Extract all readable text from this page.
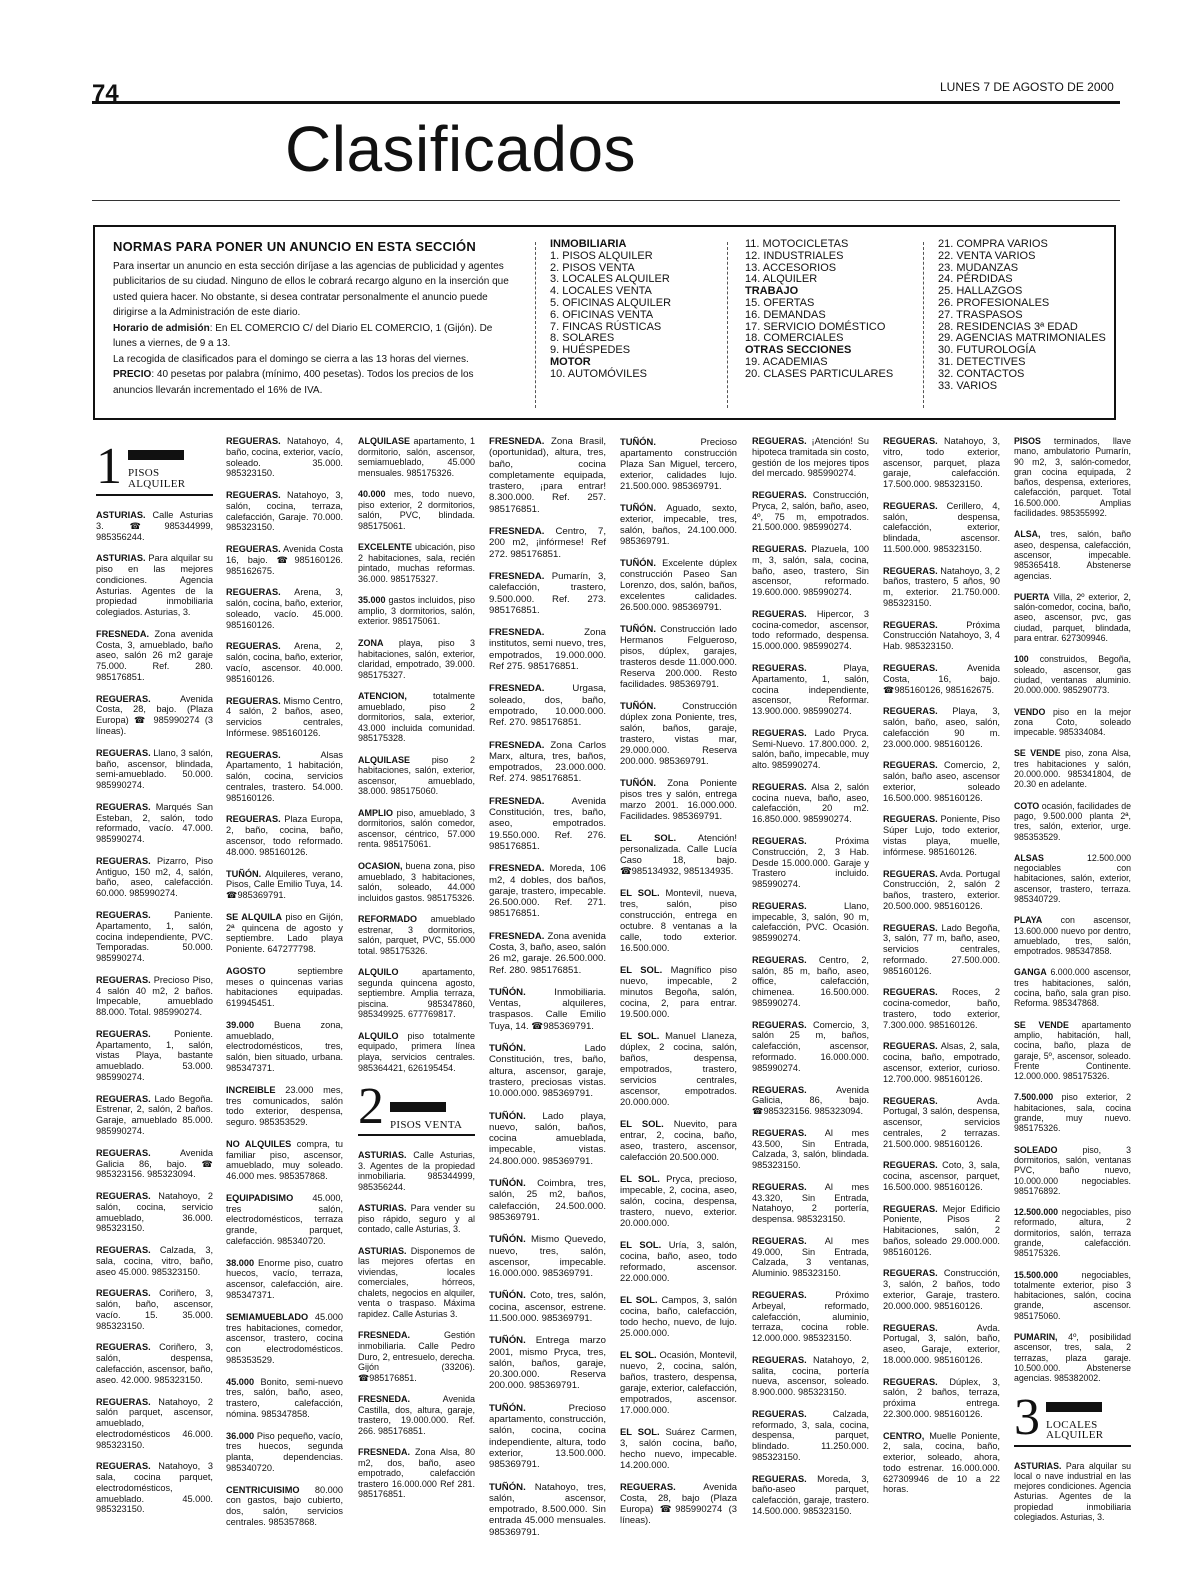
74	LUNES 7 DE AGOSTO DE 2000
Clasificados
NORMAS PARA PONER UN ANUNCIO EN ESTA SECCIÓN

Para insertar un anuncio en esta sección diríjase a las agencias de publicidad y agentes publicitarios de su ciudad. Ninguno de ellos le cobrará recargo alguno en la inserción que usted quiera hacer. No obstante, si desea contratar personalmente el anuncio puede dirigirse a la Administración de este diario.

Horario de admisión: En EL COMERCIO C/ del Diario EL COMERCIO, 1 (Gijón). De lunes a viernes, de 9 a 13.

La recogida de clasificados para el domingo se cierra a las 13 horas del viernes.

PRECIO: 40 pesetas por palabra (mínimo, 400 pesetas). Todos los precios de los anuncios llevarán incrementado el 16% de IVA.

INMOBILIARIA
1. PISOS ALQUILER
2. PISOS VENTA
3. LOCALES ALQUILER
4. LOCALES VENTA
5. OFICINAS ALQUILER
6. OFICINAS VENTA
7. FINCAS RÚSTICAS
8. SOLARES
9. HUÉSPEDES
MOTOR
10. AUTOMÓVILES
11. MOTOCICLETAS
12. INDUSTRIALES
13. ACCESORIOS
14. ALQUILER
TRABAJO
15. OFERTAS
16. DEMANDAS
17. SERVICIO DOMÉSTICO
18. COMERCIALES
OTRAS SECCIONES
19. ACADEMIAS
20. CLASES PARTICULARES
21. COMPRA VARIOS
22. VENTA VARIOS
23. MUDANZAS
24. PÉRDIDAS
25. HALLAZGOS
26. PROFESIONALES
27. TRASPASOS
28. RESIDENCIAS 3ª EDAD
29. AGENCIAS MATRIMONIALES
30. FUTUROLOGÍA
31. DETECTIVES
32. CONTACTOS
33. VARIOS
1 PISOS ALQUILER
ASTURIAS. Calle Asturias 3. ☎985344999, 985356244.
ASTURIAS. Para alquilar su piso en las mejores condiciones. Agencia Asturias. Agentes de la propiedad inmobiliaria colegiados. Asturias, 3.
FRESNEDA. Zona avenida Costa, 3, amueblado, baño aseo, salón 26 m2 garaje 75.000. Ref. 280. 985176851.
REGUERAS. Avenida Costa, 28, bajo. (Plaza Europa) ☎ 985990274 (3 líneas).
REGUERAS. Llano, 3 salón, baño, ascensor, blindada, semi-amueblado. 50.000. 985990274.
REGUERAS. Marqués San Esteban, 2, salón, todo reformado, vacío. 47.000. 985990274.
REGUERAS. Pizarro, Piso Antiguo, 150 m2, 4, salón, baño, aseo, calefacción. 60.000. 985990274.
REGUERAS. Paniente. Apartamento, 1, salón, cocina independiente, PVC. Temporadas. 50.000. 985990274.
REGUERAS. Precioso Piso, 4 salón 40 m2, 2 baños. Impecable, amueblado 88.000. Total. 985990274.
REGUERAS. Poniente. Apartamento, 1, salón, vistas Playa, bastante amueblado. 53.000. 985990274.
REGUERAS. Lado Begoña. Estrenar, 2, salón, 2 baños. Garaje, amueblado 85.000. 985990274.
REGUERAS. Avenida Galicia 86, bajo. ☎ 985323156. 985323094.
REGUERAS. Natahoyo, 2 salón, cocina, servicio amueblado, 36.000. 985323150.
REGUERAS. Calzada, 3, sala, cocina, vitro, baño, aseo 45.000. 985323150.
REGUERAS. Coriñero, 3, salón, baño, ascensor, vacío. 15. 35.000. 985323150.
REGUERAS. Coriñero, 3, salón, despensa, calefacción, ascensor, baño, aseo. 42.000. 985323150.
REGUERAS. Natahoyo, 2 salón parquet, ascensor, amueblado, electrodomésticos 46.000. 985323150.
REGUERAS. Natahoyo, 3 sala, cocina parquet, electrodomésticos, amueblado. 45.000. 985323150.
REGUERAS. Natahoyo, 4, baño, cocina, exterior, vacío, soleado. 35.000. 985323150.
REGUERAS. Natahoyo, 3, salón, cocina, terraza, calefacción, Garaje. 70.000. 985323150.
REGUERAS. Avenida Costa 16, bajo. ☎985160126. 985162675.
REGUERAS. Arena, 3, salón, cocina, baño, exterior, soleado, vacío. 45.000. 985160126.
REGUERAS. Arena, 2, salón, cocina, baño, exterior, vacío, ascensor. 40.000. 985160126.
REGUERAS. Mismo Centro, 4 salón, 2 baños, aseo, servicios centrales, Infórmese. 985160126.
REGUERAS. Alsas Apartamento, 1 habitación, salón, cocina, servicios centrales, trastero. 54.000. 985160126.
REGUERAS. Plaza Europa, 2, baño, cocina, baño, ascensor, todo reformado. 48.000. 985160126.
TUÑÓN. Alquileres, verano, Pisos, Calle Emilio Tuya, 14. ☎985369791.
SE ALQUILA piso en Gijón, 2ª quincena de agosto y septiembre. Lado playa Poniente. 647277798.
AGOSTO septiembre meses o quincenas varias habitaciones equipadas. 619945451.
39.000 Buena zona, amueblado, electrodomésticos, tres, salón, bien situado, urbana. 985347371.
INCREIBLE 23.000 mes, tres comunicados, salón todo exterior, despensa, seguro. 985353529.
NO ALQUILES compra, tu familiar piso, ascensor, amueblado, muy soleado. 46.000 mes. 985357868.
EQUIPADISIMO 45.000, tres salón, electrodomésticos, terraza grande, parquet, calefacción. 985340720.
38.000 Enorme piso, cuatro huecos, vacío, terraza, ascensor, calefacción, aire. 985347371.
SEMIAMUEBLADO 45.000 tres habitaciones, comedor, ascensor, trastero, cocina con electrodomésticos. 985353529.
45.000 Bonito, semi-nuevo tres, salón, baño, aseo, trastero, calefacción, nómina. 985347858.
36.000 Piso pequeño, vacío, tres huecos, segunda planta, dependencias. 985340720.
CENTRICUISIMO 80.000 con gastos, bajo cubierto, dos, salón, servicios centrales. 985357868.
ALQUILASE apartamento, 1 dormitorio, salón, ascensor, semiamueblado, 45.000 mensuales. 985175326.
40.000 mes, todo nuevo, piso exterior, 2 dormitorios, salón, PVC, blindada. 985175061.
EXCELENTE ubicación, piso 2 habitaciones, sala, recién pintado, muchas reformas. 36.000. 985175327.
35.000 gastos incluidos, piso amplio, 3 dormitorios, salón, exterior. 985175061.
ZONA playa, piso 3 habitaciones, salón, exterior, claridad, empotrado, 39.000. 985175327.
ATENCION, totalmente amueblado, piso 2 dormitorios, sala, exterior, 43.000 incluida comunidad. 985175328.
ALQUILASE piso 2 habitaciones, salón, exterior, ascensor, amueblado, 38.000. 985175060.
AMPLIO piso, amueblado, 3 dormitorios, salón comedor, ascensor, céntrico, 57.000 renta. 985175061.
OCASION, buena zona, piso amueblado, 3 habitaciones, salón, soleado, 44.000 incluidos gastos. 985175326.
REFORMADO amueblado estrenar, 3 dormitorios, salón, parquet, PVC, 55.000 total. 985175326.
ALQUILO apartamento, segunda quincena agosto, septiembre. Amplia terraza, piscina. 985347860, 985349925. 677769817.
ALQUILO piso totalmente equipado, primera línea playa, servicios centrales. 985364421, 626195454.
2 PISOS VENTA
ASTURIAS. Calle Asturias, 3. Agentes de la propiedad inmobiliaria. 985344999, 985356244.
ASTURIAS. Para vender su piso rápido, seguro y al contado, calle Asturias, 3.
ASTURIAS. Disponemos de las mejores ofertas en viviendas, locales comerciales, hórreos, chalets, negocios en alquiler, venta o traspaso. Máxima rapidez. Calle Asturias 3.
FRESNEDA. Gestión inmobiliaria. Calle Pedro Duro, 2, entresuelo, derecha. Gijón (33206). ☎985176851.
FRESNEDA. Avenida Castilla, dos, altura, garaje, trastero, 19.000.000. Ref. 266. 985176851.
FRESNEDA. Zona Alsa, 80 m2, dos, baño, aseo empotrado, calefacción trastero 16.000.000 Ref 281. 985176851.
FRESNEDA. Zona Brasil, (oportunidad), altura, tres, baño, cocina completamente equipada, trastero, ¡para entrar! 8.300.000. Ref. 257. 985176851.
FRESNEDA. Centro, 7, 200 m2, ¡infórmese! Ref 272. 985176851.
FRESNEDA. Pumarín, 3, calefacción, trastero, 9.500.000. Ref. 273. 985176851.
FRESNEDA. Zona institutos, semi nuevo, tres, empotrados, 19.000.000. Ref 275. 985176851.
FRESNEDA. Urgasa, soleado, dos, baño, empotrado, 10.000.000. Ref. 270. 985176851.
FRESNEDA. Zona Carlos Marx, altura, tres, baños, empotrados, 23.000.000. Ref. 274. 985176851.
FRESNEDA. Avenida Constitución, tres, baño, aseo, empotrados. 19.550.000. Ref. 276. 985176851.
FRESNEDA. Moreda, 106 m2, 4 dobles, dos baños, garaje, trastero, impecable. 26.500.000. Ref. 271. 985176851.
FRESNEDA. Zona avenida Costa, 3, baño, aseo, salón 26 m2, garaje. 26.500.000. Ref. 280. 985176851.
TUÑÓN. Inmobiliaria. Ventas, alquileres, traspasos. Calle Emilio Tuya, 14. ☎985369791.
TUÑÓN. Lado Constitución, tres, baño, altura, ascensor, garaje, trastero, preciosas vistas. 10.000.000. 985369791.
TUÑÓN. Lado playa, nuevo, salón, baños, cocina amueblada, impecable, vistas. 24.800.000. 985369791.
TUÑÓN. Coimbra, tres, salón, 25 m2, baños, calefacción, 24.500.000. 985369791.
TUÑÓN. Mismo Quevedo, nuevo, tres, salón, ascensor, impecable. 16.000.000. 985369791.
TUÑÓN. Coto, tres, salón, cocina, ascensor, estrene. 11.500.000. 985369791.
TUÑÓN. Entrega marzo 2001, mismo Pryca, tres, salón, baños, garaje, 20.300.000. Reserva 200.000. 985369791.
TUÑÓN. Precioso apartamento, construcción, salón, cocina, cocina independiente, altura, todo exterior, 13.500.000. 985369791.
TUÑÓN. Natahoyo, tres, salón, ascensor, empotrado, 8.500.000. Sin entrada 45.000 mensuales. 985369791.
TUÑÓN. Precioso apartamento construcción Plaza San Miguel, tercero, exterior, calidades lujo. 21.500.000. 985369791.
TUÑÓN. Aguado, sexto, exterior, impecable, tres, salón, baños, 24.100.000. 985369791.
TUÑÓN. Excelente dúplex construcción Paseo San Lorenzo, dos, salón, baños, excelentes calidades. 26.500.000. 985369791.
TUÑÓN. Construcción lado Hermanos Felgueroso, pisos, dúplex, garajes, trasteros desde 11.000.000. Reserva 200.000. Resto facilidades. 985369791.
TUÑÓN. Construcción dúplex zona Poniente, tres, salón, baños, garaje, trastero, vistas mar, 29.000.000. Reserva 200.000. 985369791.
TUÑÓN. Zona Poniente pisos tres y salón, entrega marzo 2001. 16.000.000. Facilidades. 985369791.
EL SOL. Atención! personalizada. Calle Lucía Caso 18, bajo. ☎985134932, 985134935.
EL SOL. Montevil, nueva, tres, salón, piso construcción, entrega en octubre. 8 ventanas a la calle, todo exterior. 16.500.000.
EL SOL. Magnífico piso nuevo, impecable, 2 minutos Begoña, salón, cocina, 2, para entrar. 19.500.000.
EL SOL. Manuel Llaneza, dúplex, 2 cocina, salón, baños, despensa, empotrados, trastero, servicios centrales, ascensor, empotrados. 20.000.000.
EL SOL. Nuevito, para entrar, 2, cocina, baño, aseo, trastero, ascensor, calefacción 20.500.000.
EL SOL. Pryca, precioso, impecable, 2, cocina, aseo, salón, cocina, despensa, trastero, nuevo, exterior. 20.000.000.
EL SOL. Uría, 3, salón, cocina, baño, aseo, todo reformado, ascensor. 22.000.000.
EL SOL. Campos, 3, salón cocina, baño, calefacción, todo hecho, nuevo, de lujo. 25.000.000.
EL SOL. Ocasión, Montevil, nuevo, 2, cocina, salón, baños, trastero, despensa, garaje, exterior, calefacción, empotrados, ascensor. 17.000.000.
EL SOL. Suárez Carmen, 3, salón cocina, baño, hecho nuevo, impecable. 14.200.000.
REGUERAS. Avenida Costa, 28, bajo (Plaza Europa) ☎985990274 (3 líneas).
REGUERAS. ¡Atención! Su hipoteca tramitada sin costo, gestión de los mejores tipos del mercado. 985990274.
REGUERAS. Construcción, Pryca, 2, salón, baño, aseo, 4º, 75 m, empotrados. 21.500.000. 985990274.
REGUERAS. Plazuela, 100 m, 3, salón, sala, cocina, baño, aseo, trastero, Sin ascensor, reformado. 19.600.000. 985990274.
REGUERAS. Hipercor, 3 cocina-comedor, ascensor, todo reformado, despensa. 15.000.000. 985990274.
REGUERAS. Playa, Apartamento, 1, salón, cocina independiente, ascensor, Reformar. 13.900.000. 985990274.
REGUERAS. Lado Pryca. Semi-Nuevo. 17.800.000. 2, salón, baño, impecable, muy alto. 985990274.
REGUERAS. Alsa 2, salón cocina nueva, baño, aseo, calefacción, 20 m2. 16.850.000. 985990274.
REGUERAS. Próxima Construcción, 2, 3 Hab. Desde 15.000.000. Garaje y Trastero incluido. 985990274.
REGUERAS. Llano, impecable, 3, salón, 90 m, calefacción, PVC. Ocasión. 985990274.
REGUERAS. Centro, 2, salón, 85 m, baño, aseo, office, calefacción, chimenea. 16.500.000. 985990274.
REGUERAS. Comercio, 3, salón 25 m, baños, calefacción, ascensor, reformado. 16.000.000. 985990274.
REGUERAS. Avenida Galicia, 86, bajo. ☎985323156. 985323094.
REGUERAS. Al mes 43.500, Sin Entrada, Calzada, 3, salón, blindada. 985323150.
REGUERAS. Al mes 43.320, Sin Entrada, Natahoyo, 2 portería, despensa. 985323150.
REGUERAS. Al mes 49.000, Sin Entrada, Calzada, 3 ventanas, Aluminio. 985323150.
REGUERAS. Próximo Arbeyal, reformado, calefacción, aluminio, terraza, cocina roble. 12.000.000. 985323150.
REGUERAS. Natahoyo, 2, salita, cocina, portería nueva, ascensor, soleado. 8.900.000. 985323150.
REGUERAS. Calzada, reformado, 3, sala, cocina, despensa, parquet, blindado. 11.250.000. 985323150.
REGUERAS. Moreda, 3, baño-aseo parquet, calefacción, garaje, trastero. 14.500.000. 985323150.
REGUERAS. Natahoyo, 3, vitro, todo exterior, ascensor, parquet, plaza garaje, calefacción. 17.500.000. 985323150.
REGUERAS. Cerillero, 4, salón, despensa, calefacción, exterior, blindada, ascensor. 11.500.000. 985323150.
REGUERAS. Natahoyo, 3, 2 baños, trastero, 5 años, 90 m, exterior. 21.750.000. 985323150.
REGUERAS. Próxima Construcción Natahoyo, 3, 4 Hab. 985323150.
REGUERAS. Avenida Costa, 16, bajo. ☎985160126, 985162675.
REGUERAS. Playa, 3, salón, baño, aseo, salón, calefacción 90 m. 23.000.000. 985160126.
REGUERAS. Comercio, 2, salón, baño aseo, ascensor exterior, soleado 16.500.000. 985160126.
REGUERAS. Poniente, Piso Súper Lujo, todo exterior, vistas playa, muelle, infórmese. 985160126.
REGUERAS. Avda. Portugal Construcción, 2, salón 2 baños, trastero, exterior. 20.500.000. 985160126.
REGUERAS. Lado Begoña, 3, salón, 77 m, baño, aseo, servicios centrales, reformado. 27.500.000. 985160126.
REGUERAS. Roces, 2 cocina-comedor, baño, trastero, todo exterior, 7.300.000. 985160126.
REGUERAS. Alsas, 2, sala, cocina, baño, empotrado, ascensor, exterior, curioso. 12.700.000. 985160126.
REGUERAS. Avda. Portugal, 3 salón, despensa, ascensor, servicios centrales, 2 terrazas. 21.500.000. 985160126.
REGUERAS. Coto, 3, sala, cocina, ascensor, parquet, 16.500.000. 985160126.
REGUERAS. Mejor Edificio Poniente, Pisos 2 Habitaciones, salón, 2 baños, soleado 29.000.000. 985160126.
REGUERAS. Construcción, 3, salón, 2 baños, todo exterior, Garaje, trastero. 20.000.000. 985160126.
REGUERAS. Avda. Portugal, 3, salón, baño, aseo, Garaje, exterior, 18.000.000. 985160126.
REGUERAS. Dúplex, 3, salón, 2 baños, terraza, próxima entrega. 22.300.000. 985160126.
CENTRO, Muelle Poniente, 2, sala, cocina, baño, exterior, soleado, ahora, todo estrenar. 16.000.000. 627309946 de 10 a 22 horas.
PISOS terminados, llave mano, ambulatorio Pumarín, 90 m2, 3, salón-comedor, gran cocina equipada, 2 baños, despensa, exteriores, calefacción, parquet. Total 16.500.000. Amplias facilidades. 985355992.
ALSA, tres, salón, baño aseo, despensa, calefacción, ascensor, impecable. 985365418. Abstenerse agencias.
PUERTA Villa, 2º exterior, 2, salón-comedor, cocina, baño, aseo, ascensor, pvc, gas ciudad, parquet, blindada, para entrar. 627309946.
100 construidos, Begoña, soleado, ascensor, gas ciudad, ventanas aluminio. 20.000.000. 985290773.
VENDO piso en la mejor zona Coto, soleado impecable. 985334084.
SE VENDE piso, zona Alsa, tres habitaciones y salón, 20.000.000. 985341804, de 20.30 en adelante.
COTO ocasión, facilidades de pago, 9.500.000 planta 2ª, tres, salón, exterior, urge. 985353529.
ALSAS 12.500.000 negociables con habitaciones, salón, exterior, ascensor, trastero, terraza. 985340729.
PLAYA con ascensor, 13.600.000 nuevo por dentro, amueblado, tres, salón, empotrados. 985347858.
GANGA 6.000.000 ascensor, tres habitaciones, salón, cocina, baño, sala gran piso. Reforma. 985347868.
SE VENDE apartamento amplio, habitación, hall, cocina, baño, plaza de garaje, 5º, ascensor, soleado. Frente Continente. 12.000.000. 985175326.
7.500.000 piso exterior, 2 habitaciones, sala, cocina grande, muy nuevo. 985175326.
SOLEADO piso, 3 dormitorios, salón, ventanas PVC, baño nuevo, 10.000.000 negociables. 985176892.
12.500.000 negociables, piso reformado, altura, 2 dormitorios, salón, terraza grande, calefacción. 985175326.
15.500.000 negociables, totalmente exterior, piso 3 habitaciones, salón, cocina grande, ascensor. 985175060.
PUMARIN, 4º, posibilidad ascensor, tres, sala, 2 terrazas, plaza garaje. 10.500.000. Abstenerse agencias. 985382002.
3 LOCALES ALQUILER
ASTURIAS. Para alquilar su local o nave industrial en las mejores condiciones. Agencia Asturias. Agentes de la propiedad inmobiliaria colegiados. Asturias, 3.
